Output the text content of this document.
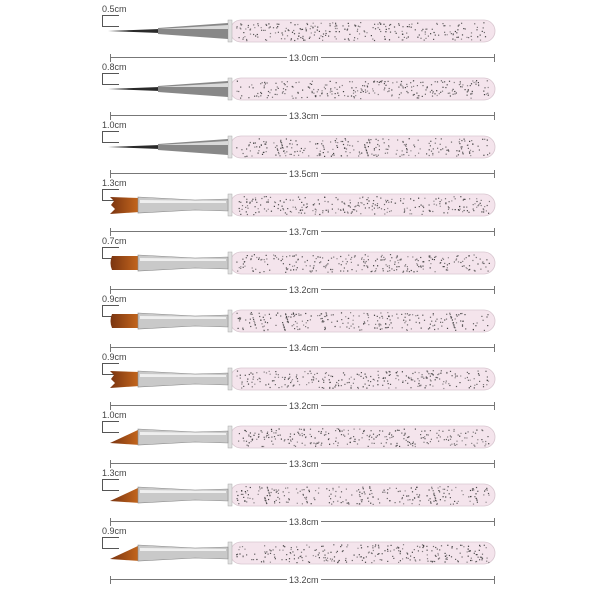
0.5cm
13.0cm
0.8cm
13.3cm
1.0cm
13.5cm
1.3cm
13.7cm
0.7cm
13.2cm
0.9cm
13.4cm
0.9cm
13.2cm
1.0cm
13.3cm
1.3cm
13.8cm
0.9cm
13.2cm
